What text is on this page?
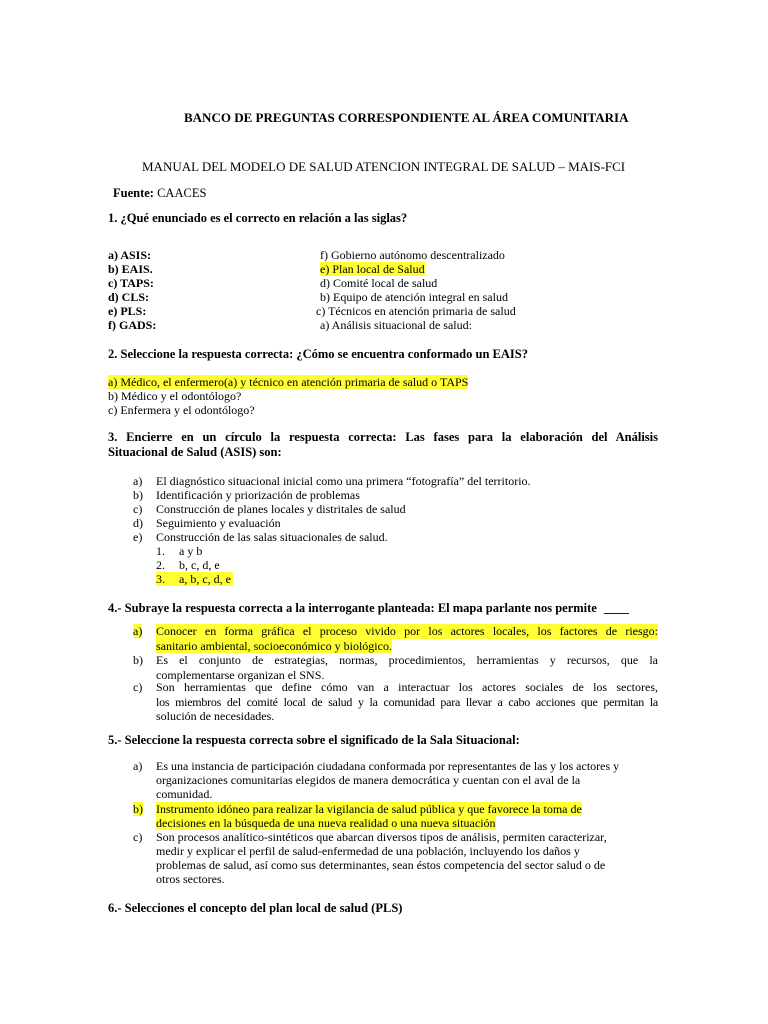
BANCO DE PREGUNTAS CORRESPONDIENTE AL ÁREA COMUNITARIA
MANUAL DEL MODELO DE SALUD ATENCION INTEGRAL DE SALUD – MAIS-FCI
Fuente: CAACES
1. ¿Qué enunciado es el correcto en relación a las siglas?
a) ASIS:
b) EAIS.
c) TAPS:
d) CLS:
e) PLS:
f) GADS:
f) Gobierno autónomo descentralizado
e) Plan local de Salud
d) Comité local de salud
b) Equipo de atención integral en salud
c) Técnicos en atención primaria de salud
a) Análisis situacional de salud:
2. Seleccione la respuesta correcta: ¿Cómo se encuentra conformado un EAIS?
a) Médico, el enfermero(a) y técnico en atención primaria de salud o TAPS
b) Médico y el odontólogo?
c) Enfermera y el odontólogo?
3. Encierre en un círculo la respuesta correcta: Las fases para la elaboración del Análisis
Situacional de Salud (ASIS) son:
a)
b)
c)
d)
e)
El diagnóstico situacional inicial como una primera “fotografía” del territorio.
Identificación y priorización de problemas
Construcción de planes locales y distritales de salud
Seguimiento y evaluación
Construcción de las salas situacionales de salud.
1. a y b
2. b, c, d, e
3. a, b, c, d, e
4.- Subraye la respuesta correcta a la interrogante planteada: El mapa parlante nos permite ____
a) Conocer en forma gráfica el proceso vivido por los actores locales, los factores de riesgo:
sanitario ambiental, socioeconómico y biológico.
b) Es el conjunto de estrategias, normas, procedimientos, herramientas y recursos, que la
complementarse organizan el SNS.
c) Son herramientas que define cómo van a interactuar los actores sociales de los sectores,
los miembros del comité local de salud y la comunidad para llevar a cabo acciones que permitan la
solución de necesidades.
5.- Seleccione la respuesta correcta sobre el significado de la Sala Situacional:
a) Es una instancia de participación ciudadana conformada por representantes de las y los actores y
organizaciones comunitarias elegidos de manera democrática y cuentan con el aval de la
comunidad.
b) Instrumento idóneo para realizar la vigilancia de salud pública y que favorece la toma de
decisiones en la búsqueda de una nueva realidad o una nueva situación
c) Son procesos analítico-sintéticos que abarcan diversos tipos de análisis, permiten caracterizar,
medir y explicar el perfil de salud-enfermedad de una población, incluyendo los daños y
problemas de salud, así como sus determinantes, sean éstos competencia del sector salud o de
otros sectores.
6.- Selecciones el concepto del plan local de salud (PLS)
